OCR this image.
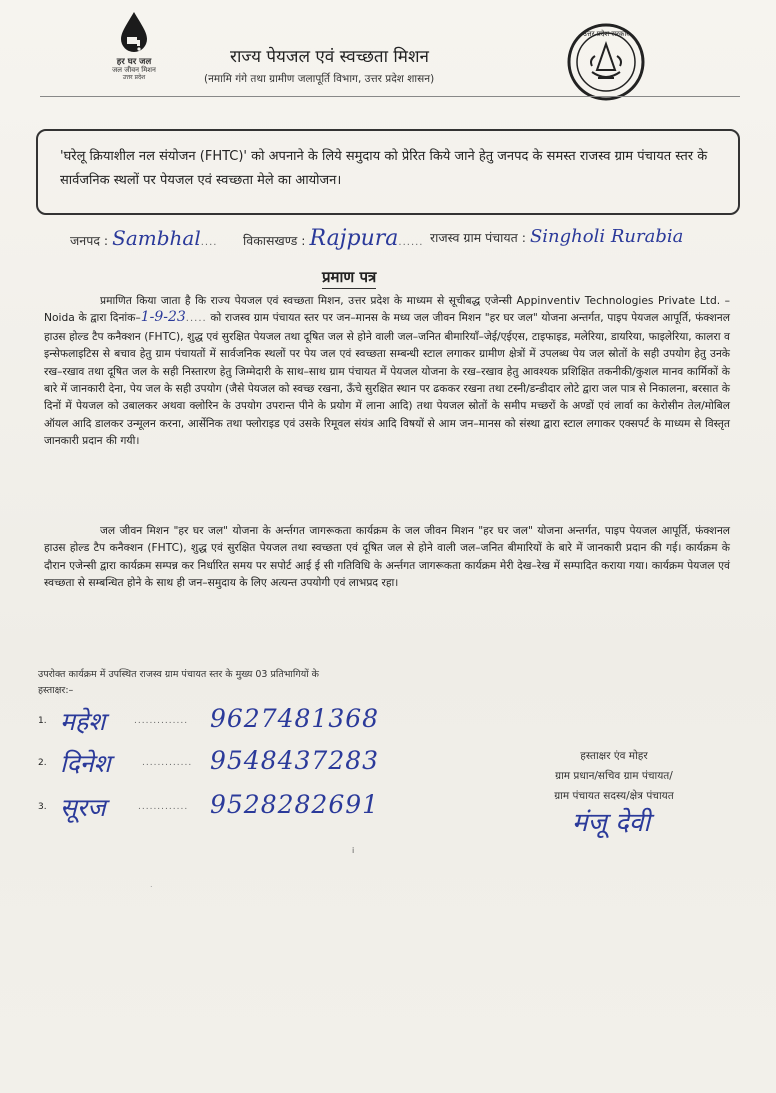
हर घर जल
जल जीवन मिशन
उत्तर प्रदेश
राज्य पेयजल एवं स्वच्छता मिशन
(नमामि गंगे तथा ग्रामीण जलापूर्ति विभाग, उत्तर प्रदेश शासन)
उत्तर प्रदेश सरकार
'घरेलू क्रियाशील नल संयोजन (FHTC)' को अपनाने के लिये समुदाय को प्रेरित किये जाने हेतु जनपद के समस्त राजस्व ग्राम पंचायत स्तर के सार्वजनिक स्थलों पर पेयजल एवं स्वच्छता मेले का आयोजन।
जनपद : Sambhal.... विकासखण्ड : Rajpura...... राजस्व ग्राम पंचायत : Singholi Rurabia
प्रमाण पत्र
प्रमाणित किया जाता है कि राज्य पेयजल एवं स्वच्छता मिशन, उत्तर प्रदेश के माध्यम से सूचीबद्ध एजेन्सी Appinventiv Technologies Private Ltd. – Noida के द्वारा दिनांक–1-9-23..... को राजस्व ग्राम पंचायत स्तर पर जन–मानस के मध्य जल जीवन मिशन "हर घर जल" योजना अन्तर्गत, पाइप पेयजल आपूर्ति, फंक्शनल हाउस होल्ड टैप कनैक्शन (FHTC), शुद्ध एवं सुरक्षित पेयजल तथा दूषित जल से होने वाली जल–जनित बीमारियाँ–जेई/एईएस, टाइफाइड, मलेरिया, डायरिया, फाइलेरिया, कालरा व इन्सेफलाइटिस से बचाव हेतु ग्राम पंचायतों में सार्वजनिक स्थलों पर पेय जल एवं स्वच्छता सम्बन्धी स्टाल लगाकर ग्रामीण क्षेत्रों में उपलब्ध पेय जल स्रोतों के सही उपयोग हेतु उनके रख–रखाव तथा दूषित जल के सही निस्तारण हेतु जिम्मेदारी के साथ–साथ ग्राम पंचायत में पेयजल योजना के रख–रखाव हेतु आवश्यक प्रशिक्षित तकनीकी/कुशल मानव कार्मिकों के बारे में जानकारी देना, पेय जल के सही उपयोग (जैसे पेयजल को स्वच्छ रखना, ऊँचे सुरक्षित स्थान पर ढककर रखना तथा टस्नी/डन्डीदार लोटे द्वारा जल पात्र से निकालना, बरसात के दिनों में पेयजल को उबालकर अथवा क्लोरिन के उपयोग उपरान्त पीने के प्रयोग में लाना आदि) तथा पेयजल स्रोतों के समीप मच्छरों के अण्डों एवं लार्वा का केरोसीन तेल/मोबिल ऑयल आदि डालकर उन्मूलन करना, आर्सेनिक तथा फ्लोराइड एवं उसके रिमूवल संयंत्र आदि विषयों से आम जन–मानस को संस्था द्वारा स्टाल लगाकर एक्सपर्ट के माध्यम से विस्तृत जानकारी प्रदान की गयी।
जल जीवन मिशन "हर घर जल" योजना के अर्न्तगत जागरूकता कार्यक्रम के जल जीवन मिशन "हर घर जल" योजना अन्तर्गत, पाइप पेयजल आपूर्ति, फंक्शनल हाउस होल्ड टैप कनैक्शन (FHTC), शुद्ध एवं सुरक्षित पेयजल तथा स्वच्छता एवं दूषित जल से होने वाली जल–जनित बीमारियों के बारे में जानकारी प्रदान की गई। कार्यक्रम के दौरान एजेन्सी द्वारा कार्यक्रम सम्पन्न कर निर्धारित समय पर सपोर्ट आई ई सी गतिविधि के अर्न्तगत जागरूकता कार्यक्रम मेरी देख–रेख में सम्पादित कराया गया। कार्यक्रम पेयजल एवं स्वच्छता से सम्बन्धित होने के साथ ही जन–समुदाय के लिए अत्यन्त उपयोगी एवं लाभप्रद रहा।
उपरोक्त कार्यक्रम में उपस्थित राजस्व ग्राम पंचायत स्तर के मुख्य 03 प्रतिभागियों के
हस्ताक्षर:–
1. महेश	.............. 9627481368
2. दिनेश	............. 9548437283
3. सूरज	............. 9528282691
हस्ताक्षर एंव मोहर
ग्राम प्रधान/सचिव ग्राम पंचायत/
ग्राम पंचायत सदस्य/क्षेत्र पंचायत
मंजू देवी
i
.
